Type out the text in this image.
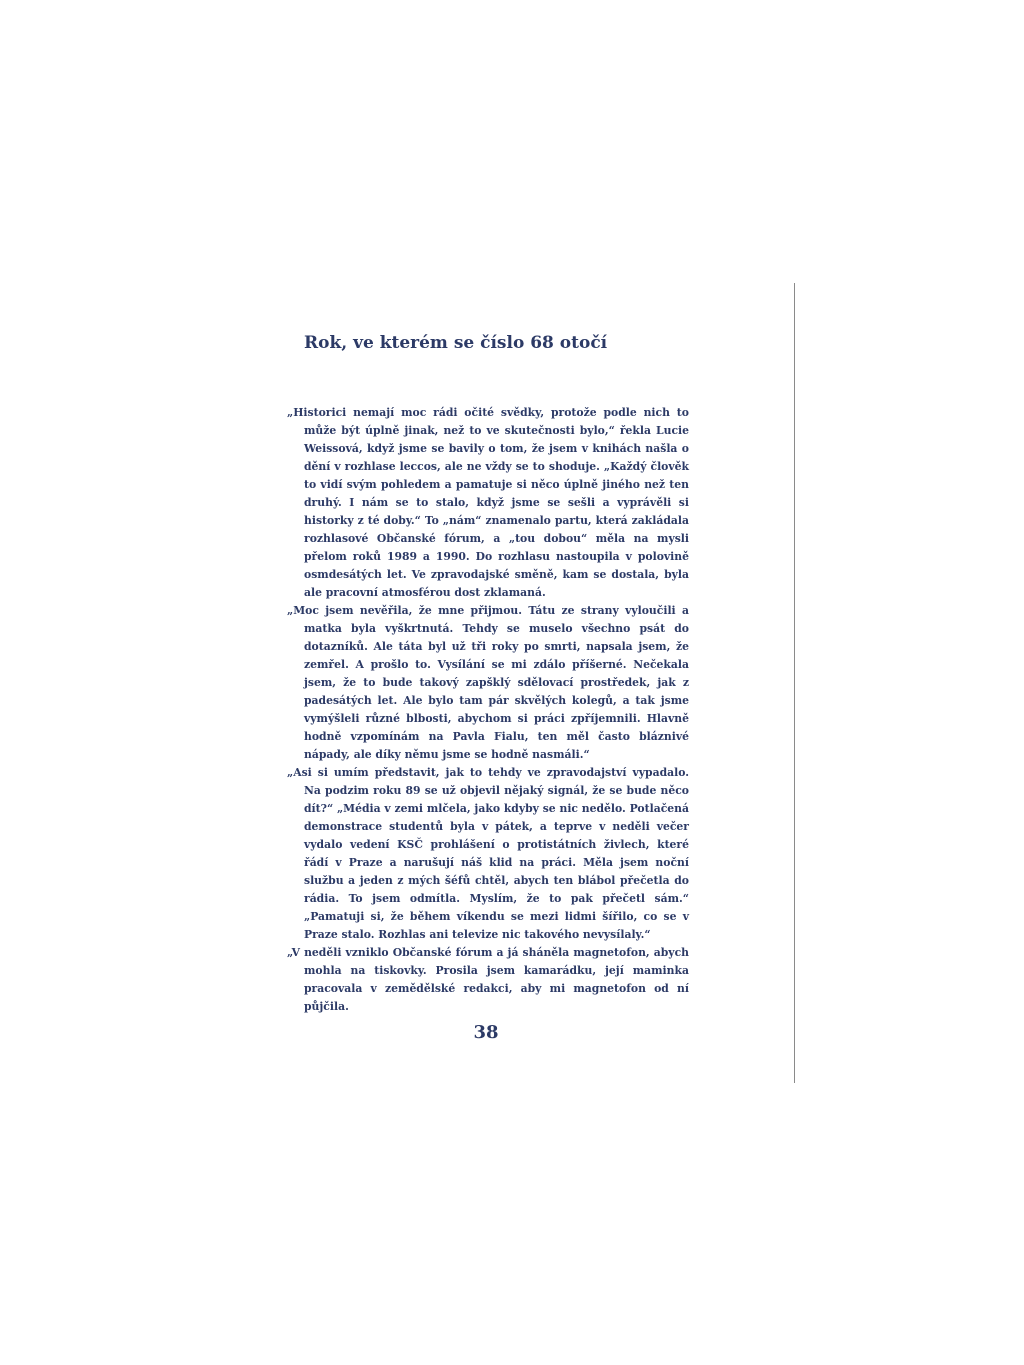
Rok, ve kterém se číslo 68 otočí

„Historici nemají moc rádi očité svědky, protože podle nich to může být úplně jinak, než to ve skutečnosti bylo,“ řekla Lucie Weissová, když jsme se bavily o tom, že jsem v knihách našla o dění v rozhlase leccos, ale ne vždy se to shoduje. „Každý člověk to vidí svým pohledem a pamatuje si něco úplně jiného než ten druhý. I nám se to stalo, když jsme se sešli a vyprávěli si historky z té doby.“ To „nám“ znamenalo partu, která zakládala rozhlasové Občanské fórum, a „tou dobou“ měla na mysli přelom roků 1989 a 1990. Do rozhlasu nastoupila v polovině osmdesátých let. Ve zpravodajské směně, kam se dostala, byla ale pracovní atmosférou dost zklamaná.

„Moc jsem nevěřila, že mne přijmou. Tátu ze strany vyloučili a matka byla vyškrtnutá. Tehdy se muselo všechno psát do dotazníků. Ale táta byl už tři roky po smrti, napsala jsem, že zemřel. A prošlo to. Vysílání se mi zdálo příšerné. Nečekala jsem, že to bude takový zapšklý sdělovací prostředek, jak z padesátých let. Ale bylo tam pár skvělých kolegů, a tak jsme vymýšleli různé blbosti, abychom si práci zpříjemnili. Hlavně hodně vzpomínám na Pavla Fialu, ten měl často bláznivé nápady, ale díky němu jsme se hodně nasmáli.“

„Asi si umím představit, jak to tehdy ve zpravodajství vypadalo. Na podzim roku 89 se už objevil nějaký signál, že se bude něco dít?“ „Média v zemi mlčela, jako kdyby se nic nedělo. Potlačená demonstrace studentů byla v pátek, a teprve v neděli večer vydalo vedení KSČ prohlášení o protistátních živlech, které řádí v Praze a narušují náš klid na práci. Měla jsem noční službu a jeden z mých šéfů chtěl, abych ten blábol přečetla do rádia. To jsem odmítla. Myslím, že to pak přečetl sám.“ „Pamatuji si, že během víkendu se mezi lidmi šířilo, co se v Praze stalo. Rozhlas ani televize nic takového nevysílaly.“

„V neděli vzniklo Občanské fórum a já sháněla magnetofon, abych mohla na tiskovky. Prosila jsem kamarádku, její maminka pracovala v zemědělské redakci, aby mi magnetofon od ní půjčila.

38
